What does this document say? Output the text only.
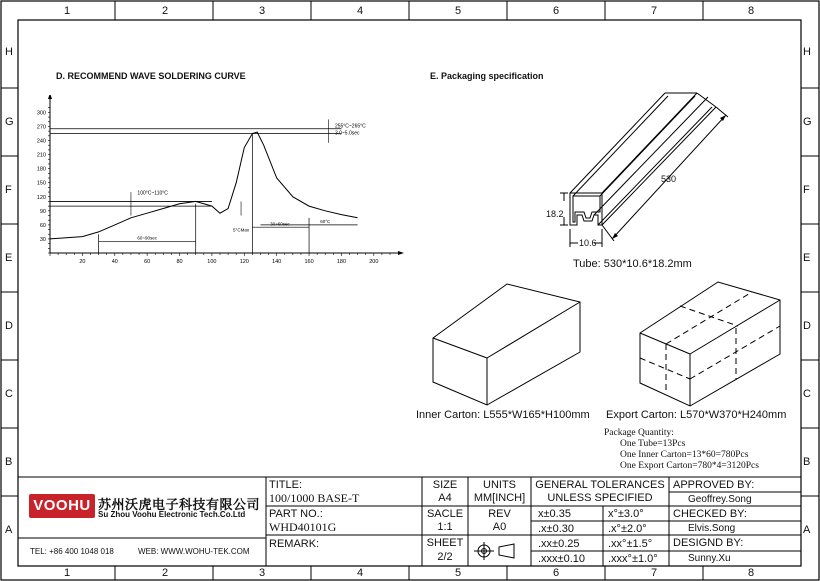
1	2	3	4	5	6	7	8
1	2	3	4	5	6	7	8
H
G
F
E
D
C
B
A
H
G
F
E
D
C
B
A
D. RECOMMEND WAVE SOLDERING CURVE	E. Packaging specification
20	40	60	80	100	120	140	160	180	200
30
60
90
120
150
180
210
240
270
300
255°C~265°C
3.0~5.0sec
100°C~110°C
60~90sec
5°CMax
30~60sec	60°C
530
18.2
10.6
Tube: 530*10.6*18.2mm
Inner Carton: L555*W165*H100mm Export Carton: L570*W370*H240mm
Package Quantity:
One Tube=13Pcs
One Inner Carton=13*60=780Pcs
One Export Carton=780*4=3120Pcs
VOOHU 苏州沃虎电子科技有限公司
Su Zhou Voohu Electronic Tech.Co.Ltd
TEL: +86 400 1048 018	WEB: WWW.WOHU-TEK.COM
TITLE:
100/1000 BASE-T
PART NO.:
WHD40101G
REMARK:
SIZE
A4
UNITS
MM[INCH]
SACLE
1:1
REV
A0
SHEET
2/2
GENERAL TOLERANCES
UNLESS SPECIFIED
x±0.35	x°±3.0°
.x±0.30	.x°±2.0°
.xx±0.25	.xx°±1.5°
.xxx±0.10 .xxx°±1.0°
APPROVED BY:
Geoffrey.Song
CHECKED BY:
Elvis.Song
DESIGND BY:
Sunny.Xu
